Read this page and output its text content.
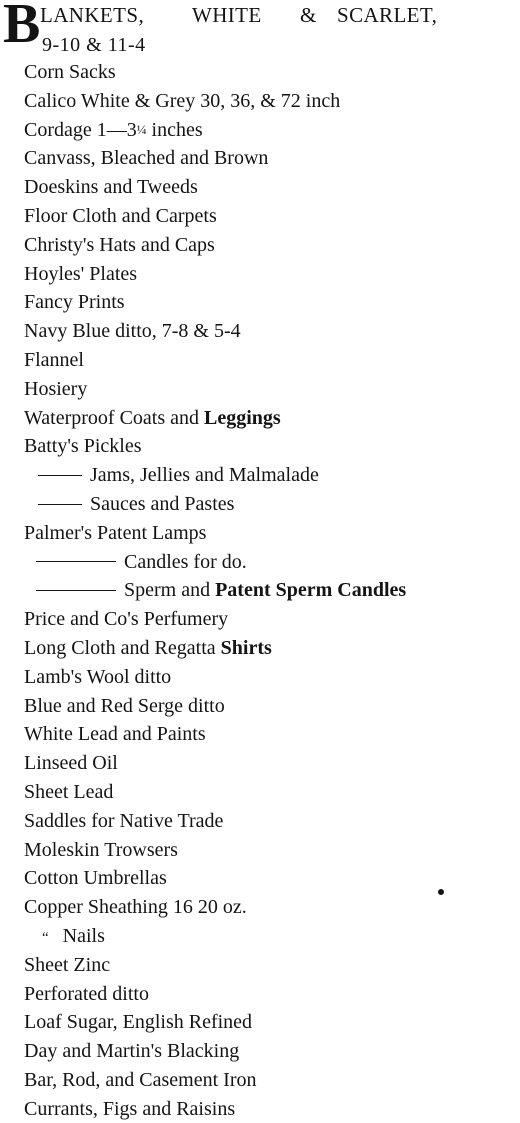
B LANKETS, WHITE & SCARLET,
9-10 & 11-4
Corn Sacks
Calico White & Grey 30, 36, & 72 inch
Cordage 1—3¼ inches
Canvass, Bleached and Brown
Doeskins and Tweeds
Floor Cloth and Carpets
Christy's Hats and Caps
Hoyles' Plates
Fancy Prints
Navy Blue ditto, 7-8 & 5-4
Flannel
Hosiery
Waterproof Coats and Leggings
Batty's Pickles
Jams, Jellies and Malmalade
Sauces and Pastes
Palmer's Patent Lamps
Candles for do.
Sperm and Patent Sperm Candles
Price and Co's Perfumery
Long Cloth and Regatta Shirts
Lamb's Wool ditto
Blue and Red Serge ditto
White Lead and Paints
Linseed Oil
Sheet Lead
Saddles for Native Trade
Moleskin Trowsers
Cotton Umbrellas
Copper Sheathing 16 20 oz.
“ Nails
Sheet Zinc
Perforated ditto
Loaf Sugar, English Refined
Day and Martin's Blacking
Bar, Rod, and Casement Iron
Currants, Figs and Raisins
